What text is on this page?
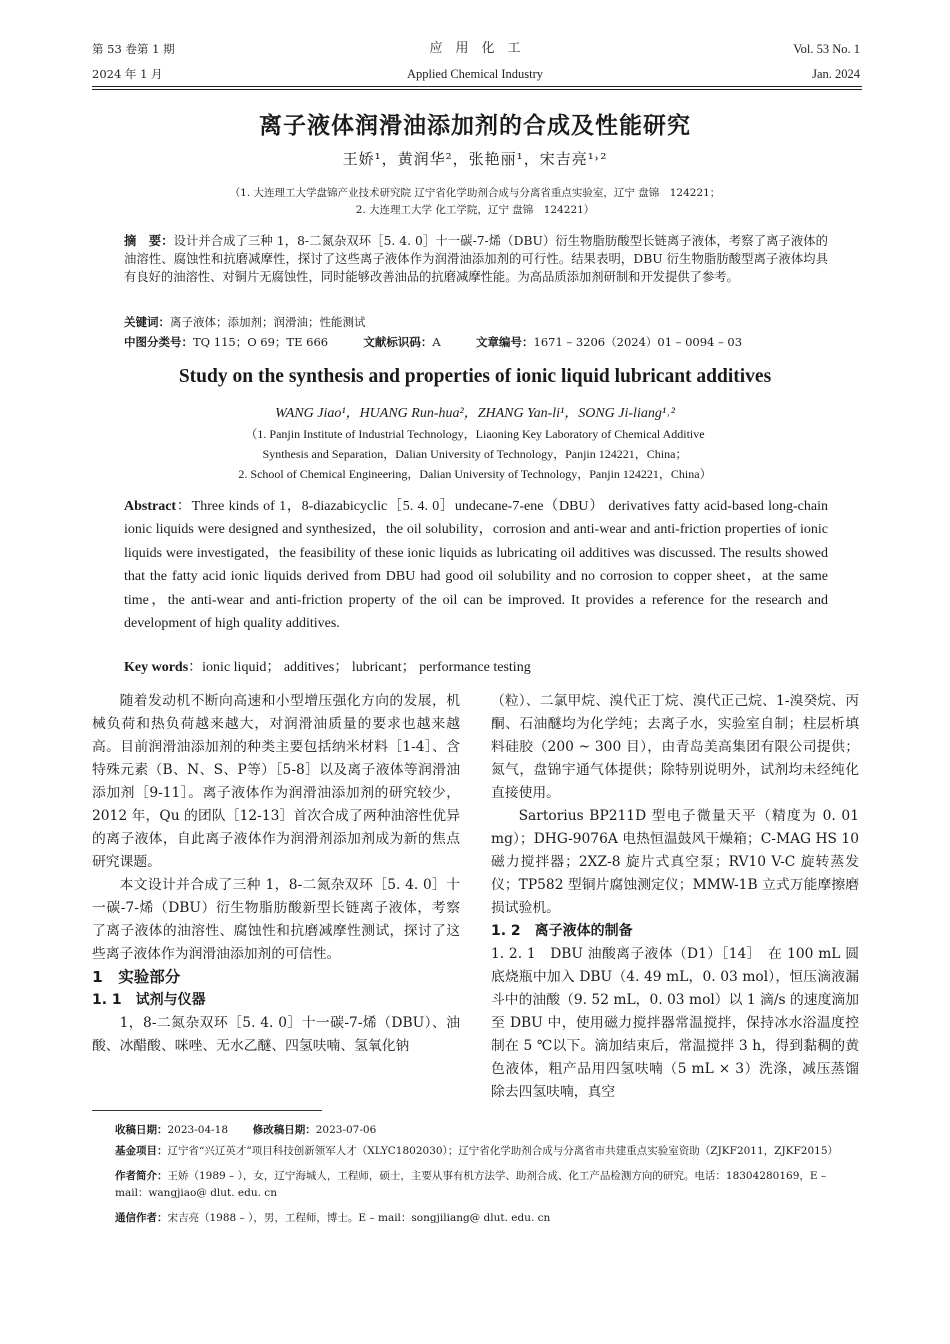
第 53 卷第 1 期
2024 年 1 月
应　用　化　工
Applied Chemical Industry
Vol. 53 No. 1
Jan. 2024
离子液体润滑油添加剂的合成及性能研究
王娇¹，黄润华²，张艳丽¹，宋吉亮¹˒²
（1. 大连理工大学盘锦产业技术研究院 辽宁省化学助剂合成与分离省重点实验室，辽宁 盘锦　124221；
2. 大连理工大学 化工学院，辽宁 盘锦　124221）
摘　要：设计并合成了三种 1，8-二氮杂双环［5. 4. 0］十一碳-7-烯（DBU）衍生物脂肪酸型长链离子液体，考察了离子液体的油溶性、腐蚀性和抗磨减摩性，探讨了这些离子液体作为润滑油添加剂的可行性。结果表明，DBU 衍生物脂肪酸型离子液体均具有良好的油溶性、对铜片无腐蚀性，同时能够改善油品的抗磨减摩性能。为高品质添加剂研制和开发提供了参考。
关键词：离子液体；添加剂；润滑油；性能测试
中图分类号：TQ 115；O 69；TE 666	文献标识码：A	文章编号：1671 – 3206（2024）01 – 0094 – 03
Study on the synthesis and properties of ionic liquid lubricant additives
WANG Jiao¹，HUANG Run-hua²，ZHANG Yan-li¹，SONG Ji-liang¹˒²
（1. Panjin Institute of Industrial Technology，Liaoning Key Laboratory of Chemical Additive
Synthesis and Separation，Dalian University of Technology，Panjin 124221，China；
2. School of Chemical Engineering，Dalian University of Technology，Panjin 124221，China）
Abstract：Three kinds of 1，8-diazabicyclic［5. 4. 0］undecane-7-ene（DBU） derivatives fatty acid-based long-chain ionic liquids were designed and synthesized，the oil solubility，corrosion and anti-wear and anti-friction properties of ionic liquids were investigated，the feasibility of these ionic liquids as lubricating oil additives was discussed. The results showed that the fatty acid ionic liquids derived from DBU had good oil solubility and no corrosion to copper sheet，at the same time，the anti-wear and anti-friction property of the oil can be improved. It provides a reference for the research and development of high quality additives.
Key words：ionic liquid； additives； lubricant； performance testing

随着发动机不断向高速和小型增压强化方向的发展，机械负荷和热负荷越来越大，对润滑油质量的要求也越来越高。目前润滑油添加剂的种类主要包括纳米材料［1-4］、含特殊元素（B、N、S、P等）［5-8］以及离子液体等润滑油添加剂［9-11］。离子液体作为润滑油添加剂的研究较少，2012 年，Qu 的团队［12-13］首次合成了两种油溶性优异的离子液体，自此离子液体作为润滑剂添加剂成为新的焦点研究课题。

本文设计并合成了三种 1，8-二氮杂双环［5. 4. 0］十一碳-7-烯（DBU）衍生物脂肪酸新型长链离子液体，考察了离子液体的油溶性、腐蚀性和抗磨减摩性测试，探讨了这些离子液体作为润滑油添加剂的可信性。

1　实验部分
1. 1　试剂与仪器

1，8-二氮杂双环［5. 4. 0］十一碳-7-烯（DBU）、油酸、冰醋酸、咪唑、无水乙醚、四氢呋喃、氢氧化钠

（粒）、二氯甲烷、溴代正丁烷、溴代正己烷、1-溴癸烷、丙酮、石油醚均为化学纯；去离子水，实验室自制；柱层析填料硅胶（200 ~ 300 目），由青岛美高集团有限公司提供；氮气，盘锦宇通气体提供；除特别说明外，试剂均未经纯化直接使用。

Sartorius BP211D 型电子微量天平（精度为 0. 01 mg）；DHG-9076A 电热恒温鼓风干燥箱；C-MAG HS 10 磁力搅拌器；2XZ-8 旋片式真空泵；RV10 V-C 旋转蒸发仪；TP582 型铜片腐蚀测定仪；MMW-1B 立式万能摩擦磨损试验机。

1. 2　离子液体的制备

1. 2. 1　DBU 油酸离子液体（D1）［14］　在 100 mL 圆底烧瓶中加入 DBU（4. 49 mL，0. 03 mol），恒压滴液漏斗中的油酸（9. 52 mL，0. 03 mol）以 1 滴/s 的速度滴加至 DBU 中，使用磁力搅拌器常温搅拌，保持冰水浴温度控制在 5 ℃以下。滴加结束后，常温搅拌 3 h，得到黏稠的黄色液体，粗产品用四氢呋喃（5 mL × 3）洗涤，减压蒸馏除去四氢呋喃，真空

收稿日期：2023-04-18 修改稿日期：2023-07-06
基金项目：辽宁省“兴辽英才”项目科技创新领军人才（XLYC1802030）；辽宁省化学助剂合成与分离省市共建重点实验室资助（ZJKF2011，ZJKF2015）
作者简介：王娇（1989 – ），女，辽宁海城人，工程师，硕士，主要从事有机方法学、助剂合成、化工产品检测方向的研究。电话：18304280169，E – mail：wangjiao@ dlut. edu. cn
通信作者：宋吉亮（1988 – ），男，工程师，博士。E – mail：songjiliang@ dlut. edu. cn
